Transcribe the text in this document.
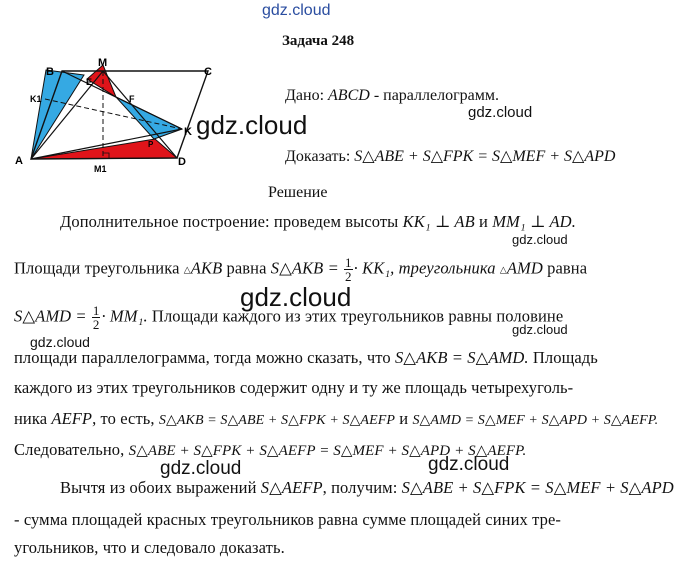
gdz.cloud
gdz.cloud	gdz.cloud
gdz.cloud
gdz.cloud
gdz.cloud
gdz.cloud
gdz.cloud	gdz.cloud
Задача 248
B
M
C
E
F
K1
K
P
A	D
M1
Дано: ABCD - параллелограмм.
Доказать: S△ABE + S△FPK = S△MEF + S△APD
Решение
Дополнительное построение: проведем высоты KK₁ ⊥ AB и MM₁ ⊥ AD.
Площади треугольника △AKB равна S△AKB = $\frac{1}{2} \cdot KK_1$, треугольника △AMD равна
S△AMD = $\frac{1}{2} \cdot MM_1$. Площади каждого из этих треугольников равны половине
площади параллелограмма, тогда можно сказать, что S△AKB = S△AMD. Площадь
каждого из этих треугольников содержит одну и ту же площадь четырехуголь-
ника AEFP, то есть, S△AKB = S△ABE + S△FPK + S△AEFP и S△AMD = S△MEF + S△APD + S△AEFP.
Следовательно, S△ABE + S△FPK + S△AEFP = S△MEF + S△APD + S△AEFP.
Вычтя из обоих выражений S△AEFP, получим: S△ABE + S△FPK = S△MEF + S△APD
- сумма площадей красных треугольников равна сумме площадей синих тре-
угольников, что и следовало доказать.
